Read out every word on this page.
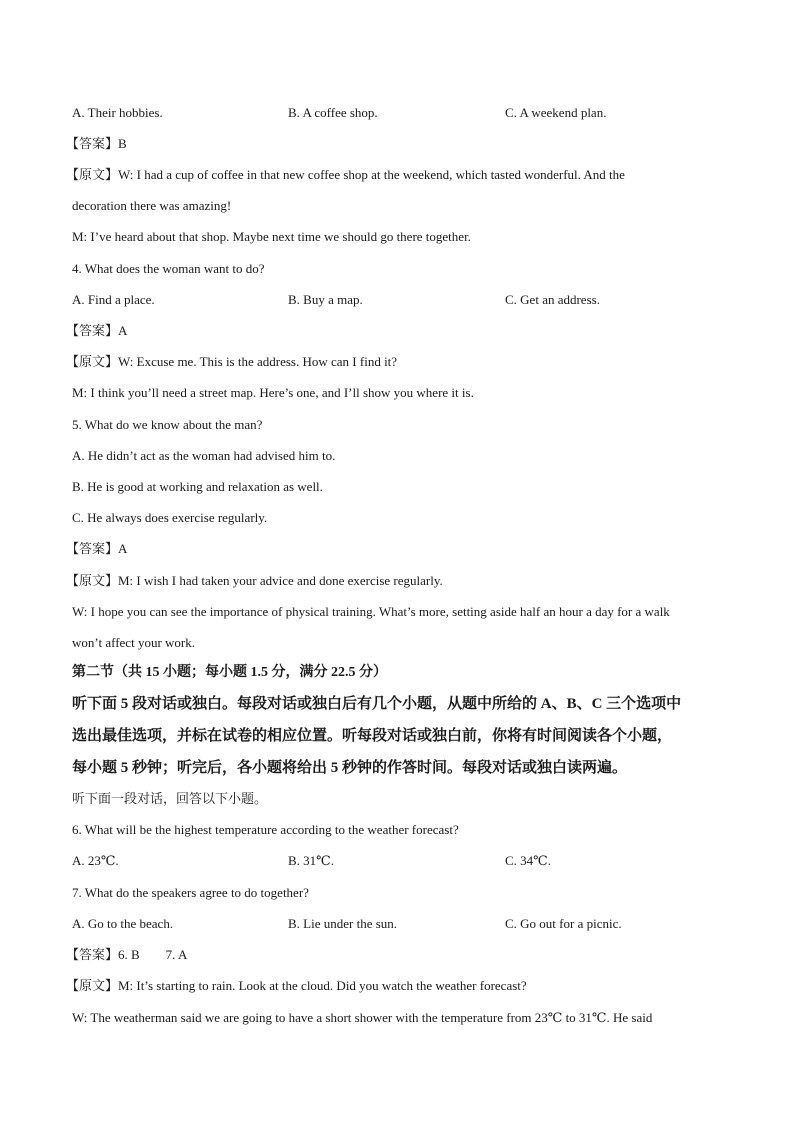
A. Their hobbies.	B. A coffee shop.	C. A weekend plan.
【答案】B
【原文】W: I had a cup of coffee in that new coffee shop at the weekend, which tasted wonderful. And the
decoration there was amazing!
M: I’ve heard about that shop. Maybe next time we should go there together.
4. What does the woman want to do?
A. Find a place.	B. Buy a map.	C. Get an address.
【答案】A
【原文】W: Excuse me. This is the address. How can I find it?
M: I think you’ll need a street map. Here’s one, and I’ll show you where it is.
5. What do we know about the man?
A. He didn’t act as the woman had advised him to.
B. He is good at working and relaxation as well.
C. He always does exercise regularly.
【答案】A
【原文】M: I wish I had taken your advice and done exercise regularly.
W: I hope you can see the importance of physical training. What’s more, setting aside half an hour a day for a walk
won’t affect your work.
第二节（共 15 小题；每小题 1.5 分，满分 22.5 分）
听下面 5 段对话或独白。每段对话或独白后有几个小题，从题中所给的 A、B、C 三个选项中
选出最佳选项，并标在试卷的相应位置。听每段对话或独白前，你将有时间阅读各个小题，
每小题 5 秒钟；听完后，各小题将给出 5 秒钟的作答时间。每段对话或独白读两遍。
听下面一段对话，回答以下小题。
6. What will be the highest temperature according to the weather forecast?
A. 23℃.	B. 31℃.	C. 34℃.
7. What do the speakers agree to do together?
A. Go to the beach.	B. Lie under the sun.	C. Go out for a picnic.
【答案】6. B        7. A
【原文】M: It’s starting to rain. Look at the cloud. Did you watch the weather forecast?
W: The weatherman said we are going to have a short shower with the temperature from 23℃ to 31℃. He said
